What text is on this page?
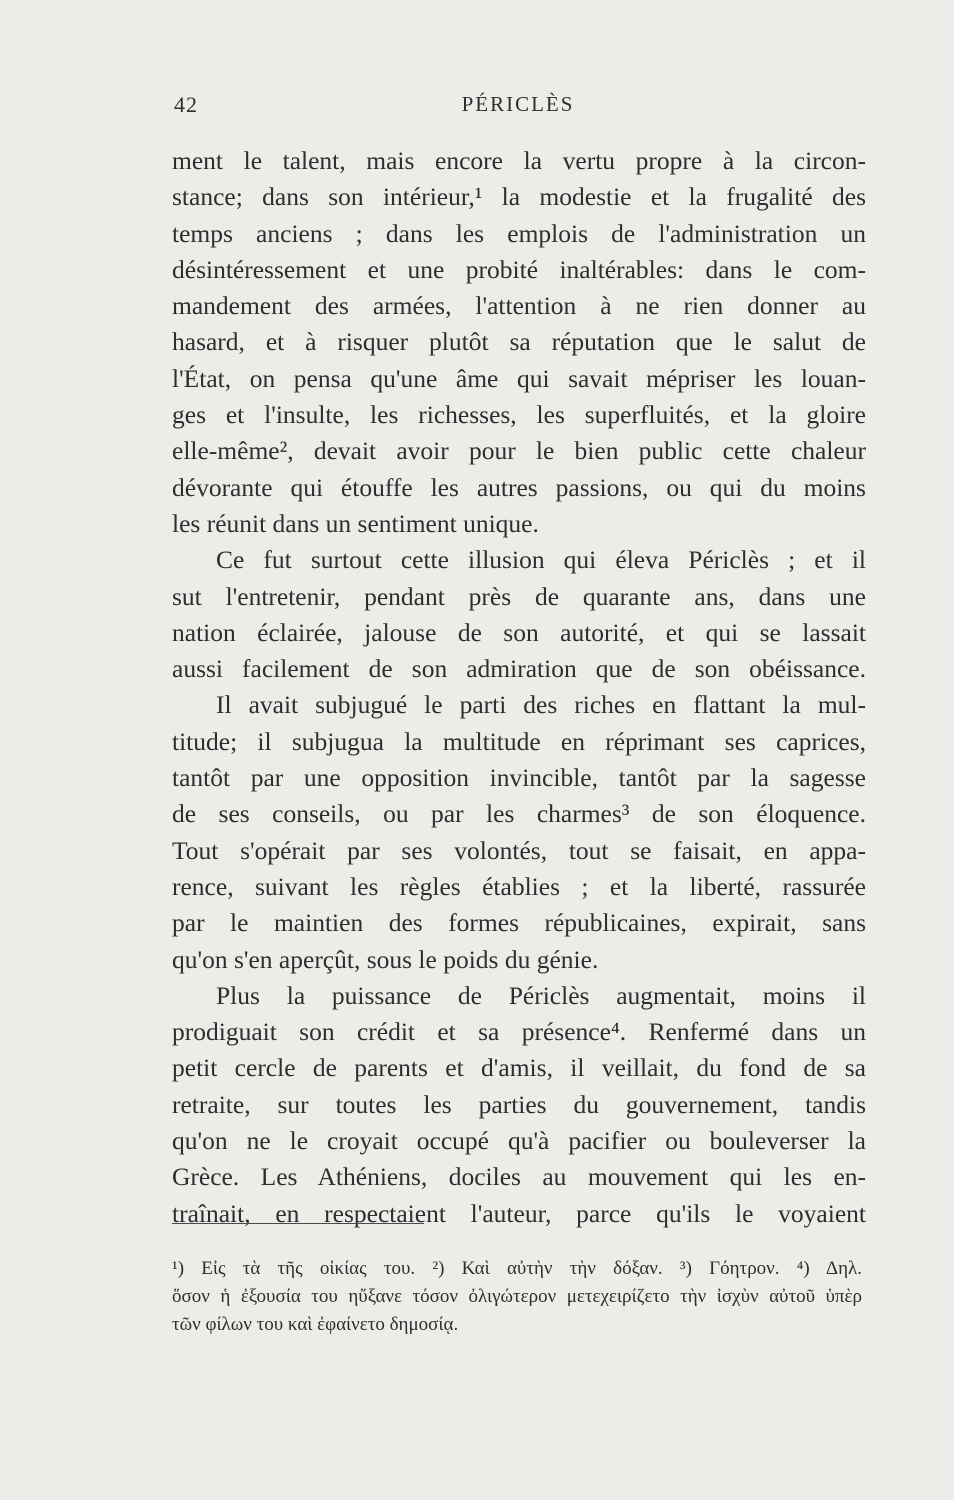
42	PÉRICLÈS
ment le talent, mais encore la vertu propre à la circon-
stance; dans son intérieur,¹ la modestie et la frugalité des
temps anciens ; dans les emplois de l'administration un
désintéressement et une probité inaltérables: dans le com-
mandement des armées, l'attention à ne rien donner au
hasard, et à risquer plutôt sa réputation que le salut de
l'État, on pensa qu'une âme qui savait mépriser les louan-
ges et l'insulte, les richesses, les superfluités, et la gloire
elle-même², devait avoir pour le bien public cette chaleur
dévorante qui étouffe les autres passions, ou qui du moins
les réunit dans un sentiment unique.
Ce fut surtout cette illusion qui éleva Périclès ; et il
sut l'entretenir, pendant près de quarante ans, dans une
nation éclairée, jalouse de son autorité, et qui se lassait
aussi facilement de son admiration que de son obéissance.
Il avait subjugué le parti des riches en flattant la mul-
titude; il subjugua la multitude en réprimant ses caprices,
tantôt par une opposition invincible, tantôt par la sagesse
de ses conseils, ou par les charmes³ de son éloquence.
Tout s'opérait par ses volontés, tout se faisait, en appa-
rence, suivant les règles établies ; et la liberté, rassurée
par le maintien des formes républicaines, expirait, sans
qu'on s'en aperçût, sous le poids du génie.
Plus la puissance de Périclès augmentait, moins il
prodiguait son crédit et sa présence⁴. Renfermé dans un
petit cercle de parents et d'amis, il veillait, du fond de sa
retraite, sur toutes les parties du gouvernement, tandis
qu'on ne le croyait occupé qu'à pacifier ou bouleverser la
Grèce. Les Athéniens, dociles au mouvement qui les en-
traînait, en respectaient l'auteur, parce qu'ils le voyaient
¹) Εἰς τὰ τῆς οἰκίας του. ²) Καὶ αὐτὴν τὴν δόξαν. ³) Γόητρον. ⁴) Δηλ.
ὅσον ἡ ἐξουσία του ηὔξανε τόσον ὀλιγώτερον μετεχειρίζετο τὴν ἰσχὺν αὐτοῦ ὑπὲρ
τῶν φίλων του καὶ ἐφαίνετο δημοσίᾳ.
